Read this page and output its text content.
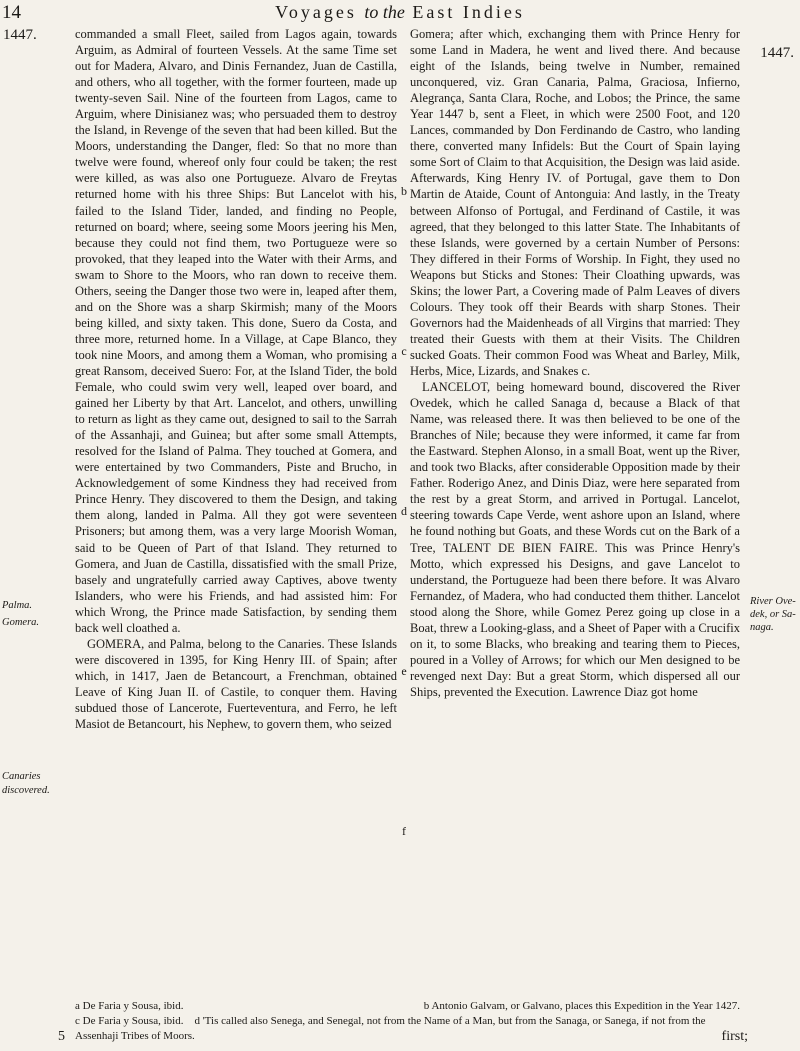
14	Voyages to the East Indies
1447.
1447.

commanded a small Fleet, sailed from Lagos again, towards Arguim, as Admiral of fourteen Vessels. At the same Time set out for Madera, Alvaro, and Dinis Fernandez, Juan de Castilla, and others, who all together, with the former fourteen, made up twenty-seven Sail. Nine of the fourteen from Lagos, came to Arguim, where Dinisianez was; who persuaded them to destroy the Island, in Revenge of the seven that had been killed. But the Moors, understanding the Danger, fled: So that no more than twelve were found, whereof only four could be taken; the rest were killed, as was also one Portugueze. Alvaro de Freytas returned home with his three Ships: But Lancelot with his, failed to the Island Tider, landed, and finding no People, returned on board; where, seeing some Moors jeering his Men, because they could not find them, two Portugueze were so provoked, that they leaped into the Water with their Arms, and swam to Shore to the Moors, who ran down to receive them. Others, seeing the Danger those two were in, leaped after them, and on the Shore was a sharp Skirmish; many of the Moors being killed, and sixty taken. This done, Suero da Costa, and three more, returned home. In a Village, at Cape Blanco, they took nine Moors, and among them a Woman, who promising a great Ransom, deceived Suero: For, at the Island Tider, the bold Female, who could swim very well, leaped over board, and gained her Liberty by that Art. Lancelot, and others, unwilling to return as light as they came out, designed to sail to the Sarrah of the Assanhaji, and Guinea; but after some small Attempts, resolved for the Island of Palma. They touched at Gomera, and were entertained by two Commanders, Piste and Brucho, in Acknowledgement of some Kindness they had received from Prince Henry. They discovered to them the Design, and taking them along, landed in Palma. All they got were seventeen Prisoners; but among them, was a very large Moorish Woman, said to be Queen of Part of that Island. They returned to Gomera, and Juan de Castilla, dissatisfied with the small Prize, basely and ungratefully carried away Captives, above twenty Islanders, who were his Friends, and had assisted him: For which Wrong, the Prince made Satisfaction, by sending them back well cloathed a.

GOMERA, and Palma, belong to the Canaries. These Islands were discovered in 1395, for King Henry III. of Spain; after which, in 1417, Jaen de Betancourt, a Frenchman, obtained Leave of King Juan II. of Castile, to conquer them. Having subdued those of Lancerote, Fuerteventura, and Ferro, he left Masiot de Betancourt, his Nephew, to govern them, who seized

Gomera; after which, exchanging them with Prince Henry for some Land in Madera, he went and lived there. And because eight of the Islands, being twelve in Number, remained unconquered, viz. Gran Canaria, Palma, Graciosa, Infierno, Alegrança, Santa Clara, Roche, and Lobos; the Prince, the same Year 1447 b, sent a Fleet, in which were 2500 Foot, and 120 Lances, commanded by Don Ferdinando de Castro, who landing there, converted many Infidels: But the Court of Spain laying some Sort of Claim to that Acquisition, the Design was laid aside. Afterwards, King Henry IV. of Portugal, gave them to Don Martin de Ataide, Count of Antonguia: And lastly, in the Treaty between Alfonso of Portugal, and Ferdinand of Castile, it was agreed, that they belonged to this latter State. The Inhabitants of these Islands, were governed by a certain Number of Persons: They differed in their Forms of Worship. In Fight, they used no Weapons but Sticks and Stones: Their Cloathing upwards, was Skins; the lower Part, a Covering made of Palm Leaves of divers Colours. They took off their Beards with sharp Stones. Their Governors had the Maidenheads of all Virgins that married: They treated their Guests with them at their Visits. The Children sucked Goats. Their common Food was Wheat and Barley, Milk, Herbs, Mice, Lizards, and Snakes c.

LANCELOT, being homeward bound, discovered the River Ovedek, which he called Sanaga d, because a Black of that Name, was released there. It was then believed to be one of the Branches of Nile; because they were informed, it came far from the Eastward. Stephen Alonso, in a small Boat, went up the River, and took two Blacks, after considerable Opposition made by their Father. Roderigo Anez, and Dinis Diaz, were here separated from the rest by a great Storm, and arrived in Portugal. Lancelot, steering towards Cape Verde, went ashore upon an Island, where he found nothing but Goats, and these Words cut on the Bark of a Tree, TALENT DE BIEN FAIRE. This was Prince Henry's Motto, which expressed his Designs, and gave Lancelot to understand, the Portugueze had been there before. It was Alvaro Fernandez, of Madera, who had conducted them thither. Lancelot stood along the Shore, while Gomez Perez going up close in a Boat, threw a Looking-glass, and a Sheet of Paper with a Crucifix on it, to some Blacks, who breaking and tearing them to Pieces, poured in a Volley of Arrows; for which our Men designed to be revenged next Day: But a great Storm, which dispersed all our Ships, prevented the Execution. Lawrence Diaz got home

b
c
d
e
f
Palma.
Gomera.
Canaries
discovered.
River Ove-
dek, or Sa-
naga.
a De Faria y Sousa, ibid.	b Antonio Galvam, or Galvano, places this Expedition in the Year 1427.
c De Faria y Sousa, ibid. d 'Tis called also Senega, and Senegal, not from the Name of a Man, but from the Sanaga, or Sanega, if not from the Assenhaji Tribes of Moors.
5	first;
